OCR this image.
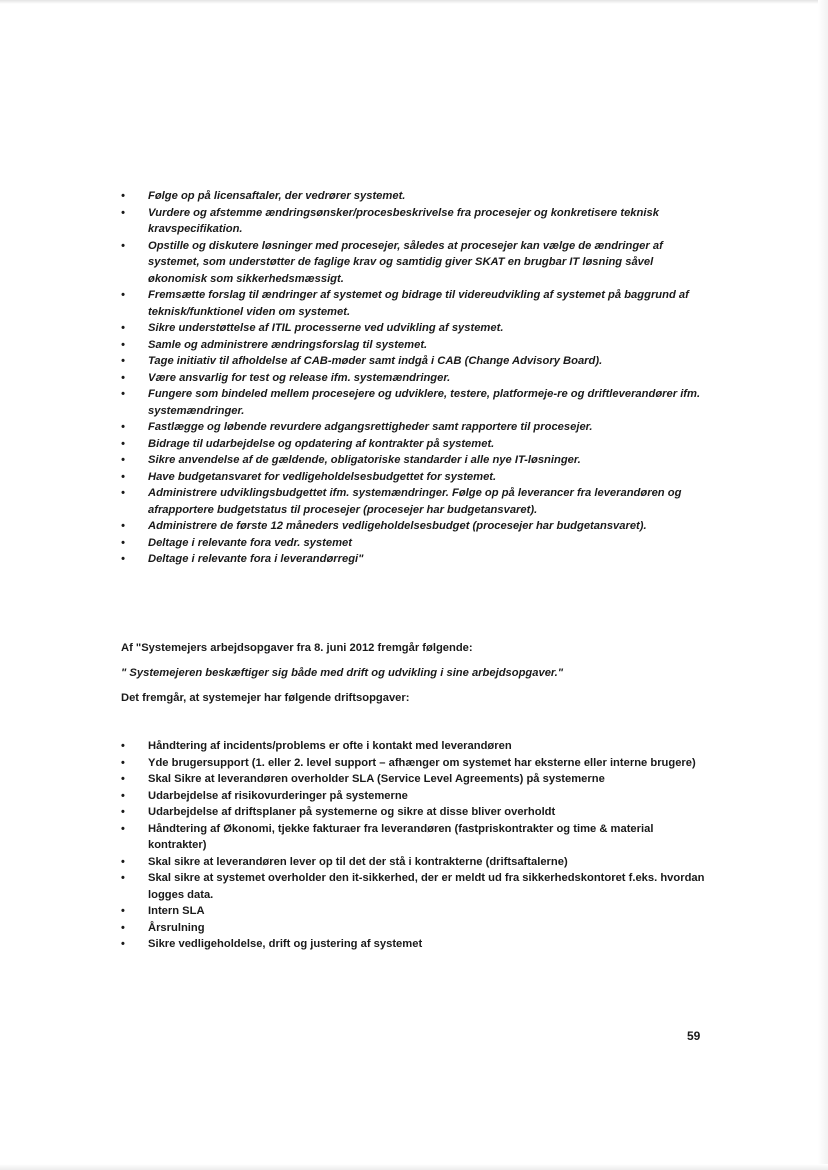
• Følge op på licensaftaler, der vedrører systemet.
• Vurdere og afstemme ændringsønsker/procesbeskrivelse fra procesejer og konkretisere teknisk kravspecifikation.
• Opstille og diskutere løsninger med procesejer, således at procesejer kan vælge de ændringer af systemet, som understøtter de faglige krav og samtidig giver SKAT en brugbar IT løsning såvel økonomisk som sikkerhedsmæssigt.
• Fremsætte forslag til ændringer af systemet og bidrage til videreudvikling af systemet på baggrund af teknisk/funktionel viden om systemet.
• Sikre understøttelse af ITIL processerne ved udvikling af systemet.
• Samle og administrere ændringsforslag til systemet.
• Tage initiativ til afholdelse af CAB-møder samt indgå i CAB (Change Advisory Board).
• Være ansvarlig for test og release ifm. systemændringer.
• Fungere som bindeled mellem procesejere og udviklere, testere, platformeje-re og driftleverandører ifm. systemændringer.
• Fastlægge og løbende revurdere adgangsrettigheder samt rapportere til procesejer.
• Bidrage til udarbejdelse og opdatering af kontrakter på systemet.
• Sikre anvendelse af de gældende, obligatoriske standarder i alle nye IT-løsninger.
• Have budgetansvaret for vedligeholdelsesbudgettet for systemet.
• Administrere udviklingsbudgettet ifm. systemændringer. Følge op på leverancer fra leverandøren og afrapportere budgetstatus til procesejer (procesejer har budgetansvaret).
• Administrere de første 12 måneders vedligeholdelsesbudget (procesejer har budgetansvaret).
• Deltage i relevante fora vedr. systemet
• Deltage i relevante fora i leverandørregi"

Af "Systemejers arbejdsopgaver fra 8. juni 2012 fremgår følgende:

" Systemejeren beskæftiger sig både med drift og udvikling i sine arbejdsopgaver."

Det fremgår, at systemejer har følgende driftsopgaver:

• Håndtering af incidents/problems er ofte i kontakt med leverandøren
• Yde brugersupport (1. eller 2. level support – afhænger om systemet har eksterne eller interne brugere)
• Skal Sikre at leverandøren overholder SLA (Service Level Agreements) på systemerne
• Udarbejdelse af risikovurderinger på systemerne
• Udarbejdelse af driftsplaner på systemerne og sikre at disse bliver overholdt
• Håndtering af Økonomi, tjekke fakturaer fra leverandøren (fastpriskontrakter og time & material kontrakter)
• Skal sikre at leverandøren lever op til det der stå i kontrakterne (driftsaftalerne)
• Skal sikre at systemet overholder den it-sikkerhed, der er meldt ud fra sikkerhedskontoret f.eks. hvordan logges data.
• Intern SLA
• Årsrulning
• Sikre vedligeholdelse, drift og justering af systemet
59
